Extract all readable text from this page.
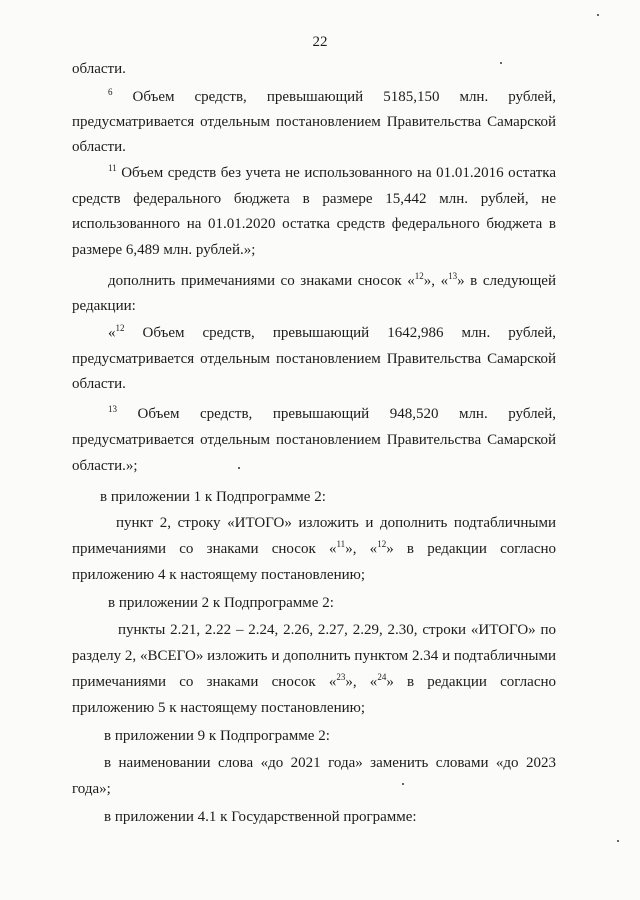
22
области.
$^6$ Объем средств, превышающий 5185,150 млн. рублей,
предусматривается отдельным постановлением Правительства Самарской
области.
$^{11}$ Объем средств без учета не использованного на 01.01.2016 остатка
средств федерального бюджета в размере 15,442 млн. рублей, не
использованного на 01.01.2020 остатка средств федерального бюджета в
размере 6,489 млн. рублей.»;
дополнить примечаниями со знаками сносок «$^{12}$», «$^{13}$» в следующей
редакции:
«$^{12}$ Объем средств, превышающий 1642,986 млн. рублей,
предусматривается отдельным постановлением Правительства Самарской
области.
$^{13}$ Объем средств, превышающий 948,520 млн. рублей,
предусматривается отдельным постановлением Правительства Самарской
области.»;
в приложении 1 к Подпрограмме 2:
пункт 2, строку «ИТОГО» изложить и дополнить подтабличными
примечаниями со знаками сносок «$^{11}$», «$^{12}$» в редакции согласно
приложению 4 к настоящему постановлению;
в приложении 2 к Подпрограмме 2:
пункты 2.21, 2.22 – 2.24, 2.26, 2.27, 2.29, 2.30, строки «ИТОГО» по
разделу 2, «ВСЕГО» изложить и дополнить пунктом 2.34 и подтабличными
примечаниями со знаками сносок «$^{23}$», «$^{24}$» в редакции согласно
приложению 5 к настоящему постановлению;
в приложении 9 к Подпрограмме 2:
в наименовании слова «до 2021 года» заменить словами «до 2023
года»;
в приложении 4.1 к Государственной программе:
